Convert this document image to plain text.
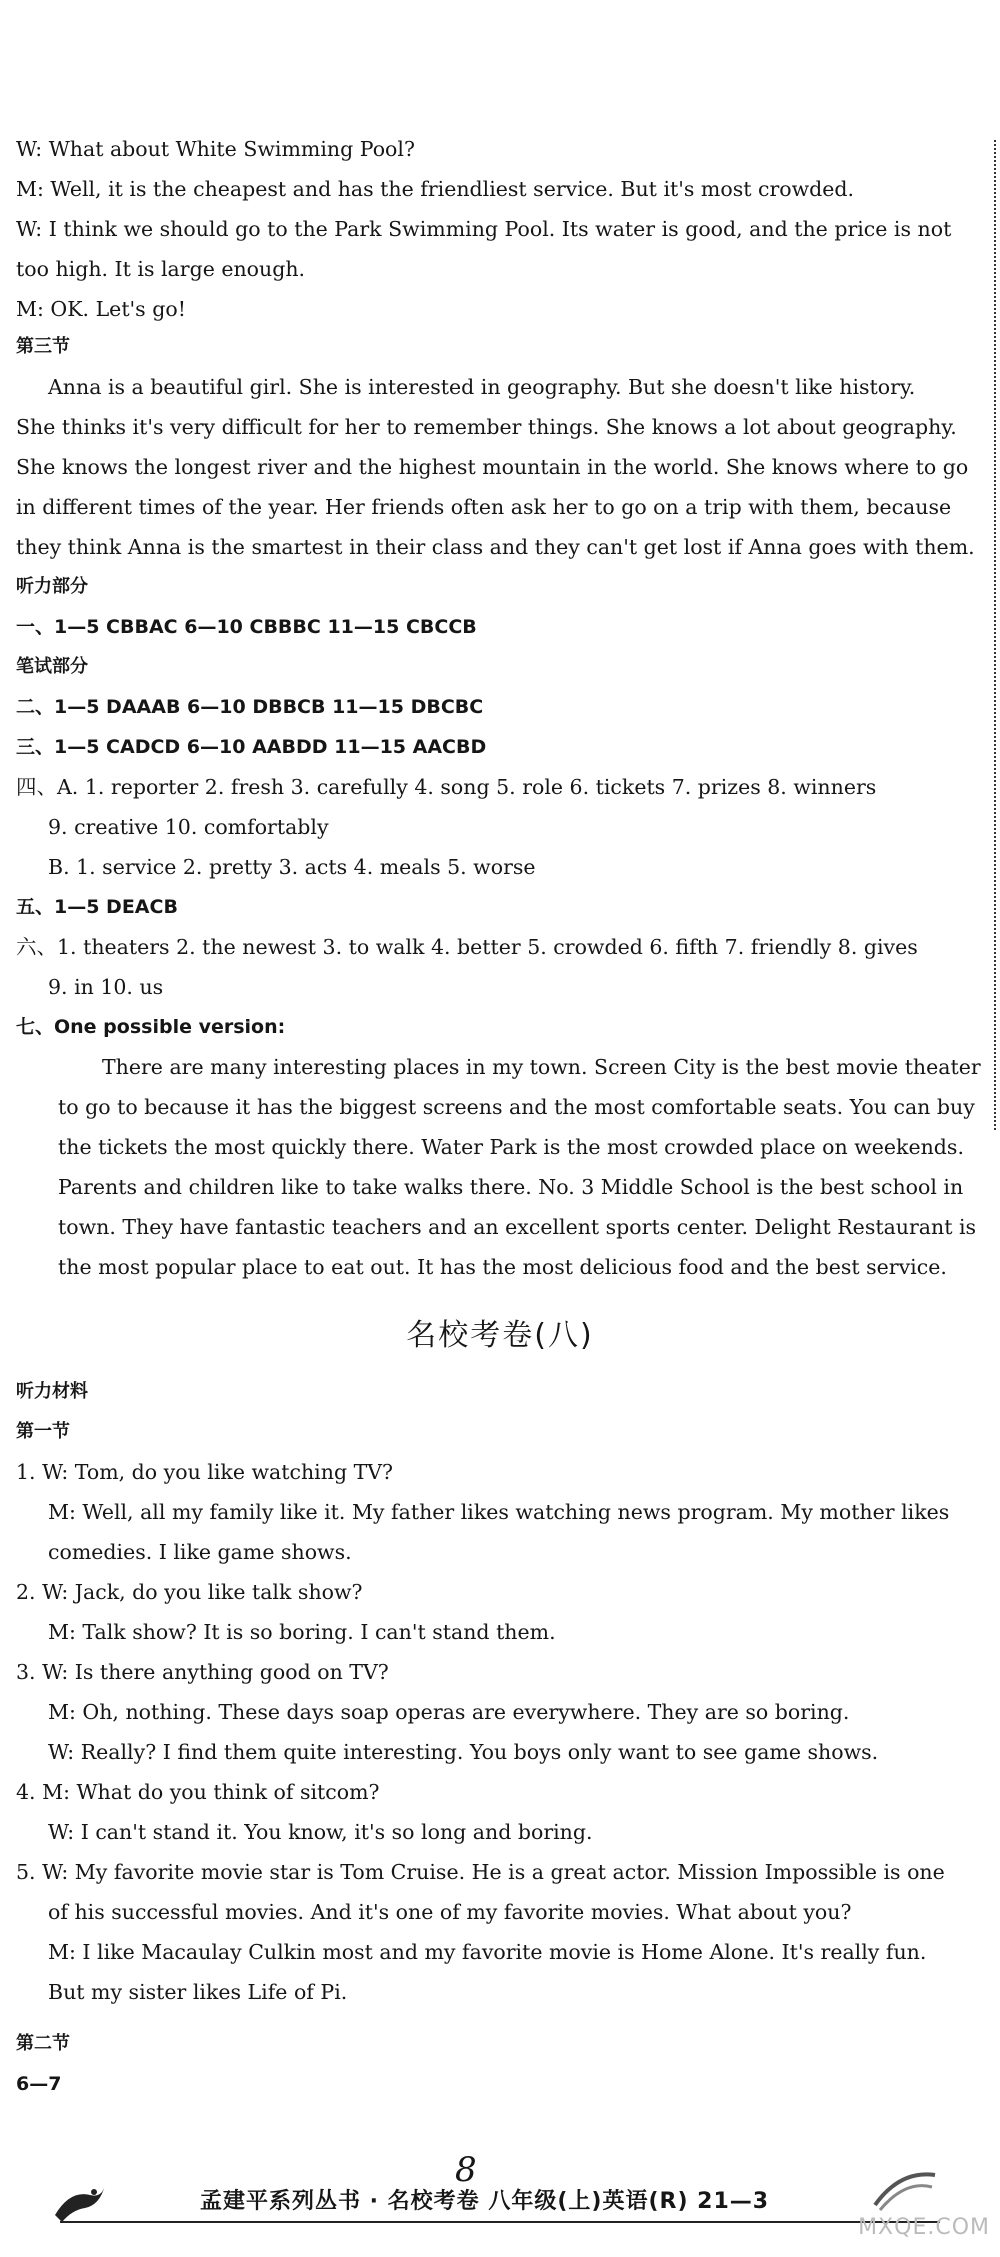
W: What about White Swimming Pool?
M: Well, it is the cheapest and has the friendliest service. But it's most crowded.
W: I think we should go to the Park Swimming Pool. Its water is good, and the price is not
too high. It is large enough.
M: OK. Let's go!
第三节
Anna is a beautiful girl. She is interested in geography. But she doesn't like history.
She thinks it's very difficult for her to remember things. She knows a lot about geography.
She knows the longest river and the highest mountain in the world. She knows where to go
in different times of the year. Her friends often ask her to go on a trip with them, because
they think Anna is the smartest in their class and they can't get lost if Anna goes with them.
听力部分
一、1—5 CBBAC 6—10 CBBBC 11—15 CBCCB
笔试部分
二、1—5 DAAAB 6—10 DBBCB 11—15 DBCBC
三、1—5 CADCD 6—10 AABDD 11—15 AACBD
四、A. 1. reporter 2. fresh 3. carefully 4. song 5. role 6. tickets 7. prizes 8. winners
9. creative 10. comfortably
B. 1. service 2. pretty 3. acts 4. meals 5. worse
五、1—5 DEACB
六、1. theaters 2. the newest 3. to walk 4. better 5. crowded 6. fifth 7. friendly 8. gives
9. in 10. us
七、One possible version:
There are many interesting places in my town. Screen City is the best movie theater
to go to because it has the biggest screens and the most comfortable seats. You can buy
the tickets the most quickly there. Water Park is the most crowded place on weekends.
Parents and children like to take walks there. No. 3 Middle School is the best school in
town. They have fantastic teachers and an excellent sports center. Delight Restaurant is
the most popular place to eat out. It has the most delicious food and the best service.
名校考卷(八)
听力材料
第一节
1. W: Tom, do you like watching TV?
M: Well, all my family like it. My father likes watching news program. My mother likes
comedies. I like game shows.
2. W: Jack, do you like talk show?
M: Talk show? It is so boring. I can't stand them.
3. W: Is there anything good on TV?
M: Oh, nothing. These days soap operas are everywhere. They are so boring.
W: Really? I find them quite interesting. You boys only want to see game shows.
4. M: What do you think of sitcom?
W: I can't stand it. You know, it's so long and boring.
5. W: My favorite movie star is Tom Cruise. He is a great actor. Mission Impossible is one
of his successful movies. And it's one of my favorite movies. What about you?
M: I like Macaulay Culkin most and my favorite movie is Home Alone. It's really fun.
But my sister likes Life of Pi.
第二节
6—7
8
孟建平系列丛书 · 名校考卷 八年级(上)英语(R) 21—3
MXQE.COM
